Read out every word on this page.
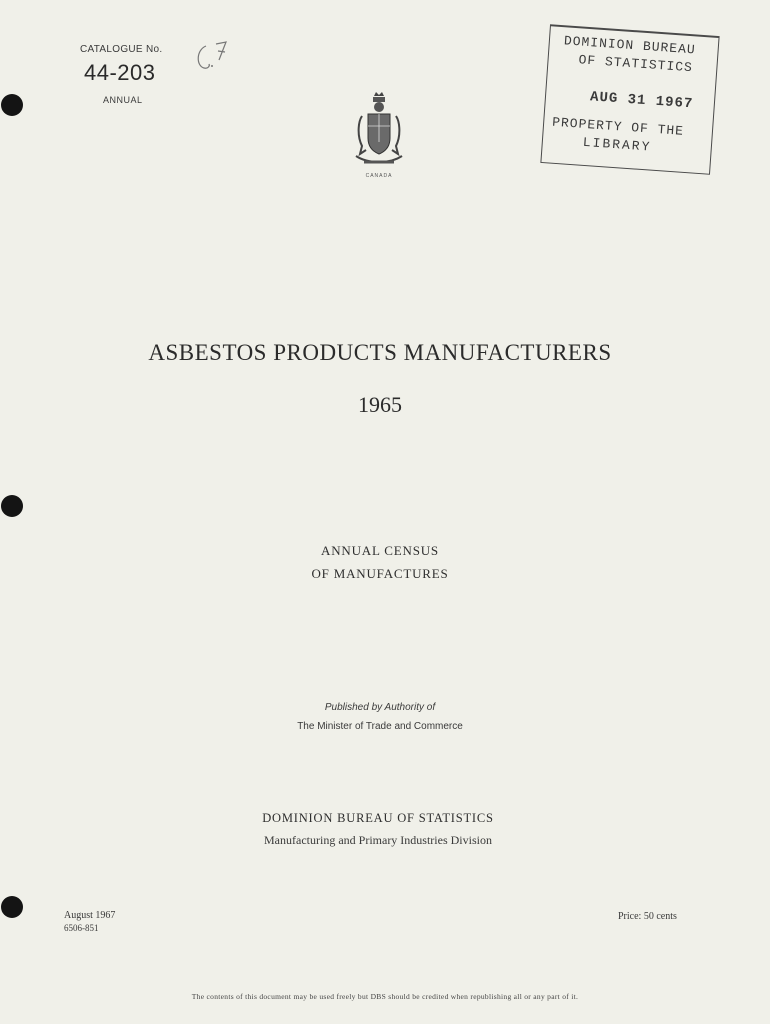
CATALOGUE No.
44-203
ANNUAL
DOMINION BUREAU
OF STATISTICS
AUG 31 1967
PROPERTY OF THE
LIBRARY
CANADA
ASBESTOS PRODUCTS MANUFACTURERS
1965
ANNUAL CENSUS
OF MANUFACTURES
Published by Authority of
The Minister of Trade and Commerce
DOMINION BUREAU OF STATISTICS
Manufacturing and Primary Industries Division
August 1967
6506-851
Price: 50 cents
The contents of this document may be used freely but DBS should be credited when republishing all or any part of it.
